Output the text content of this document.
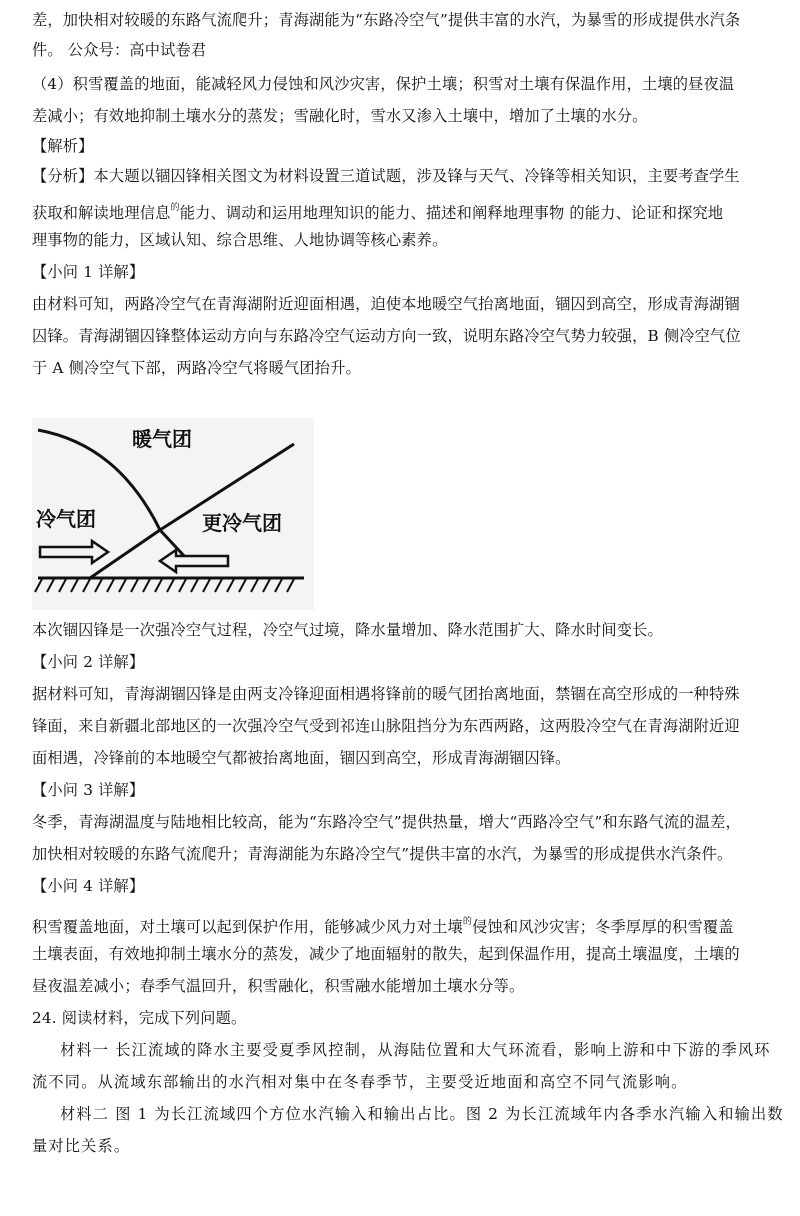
差，加快相对较暖的东路气流爬升；青海湖能为“东路冷空气”提供丰富的水汽，为暴雪的形成提供水汽条
件。 公众号：高中试卷君
（4）积雪覆盖的地面，能减轻风力侵蚀和风沙灾害，保护土壤；积雪对土壤有保温作用，土壤的昼夜温
差减小；有效地抑制土壤水分的蒸发；雪融化时，雪水又渗入土壤中，增加了土壤的水分。
【解析】
【分析】本大题以锢囚锋相关图文为材料设置三道试题，涉及锋与天气、冷锋等相关知识，主要考查学生
获取和解读地理信息$^的$能力、调动和运用地理知识的能力、描述和阐释地理事物 的能力、论证和探究地
理事物的能力，区域认知、综合思维、人地协调等核心素养。
【小问 1 详解】
由材料可知，两路冷空气在青海湖附近迎面相遇，迫使本地暖空气抬离地面，锢囚到高空，形成青海湖锢
囚锋。青海湖锢囚锋整体运动方向与东路冷空气运动方向一致，说明东路冷空气势力较强，B 侧冷空气位
于 A 侧冷空气下部，两路冷空气将暖气团抬升。
暖气团
冷气团	更冷气团
本次锢囚锋是一次强冷空气过程，冷空气过境，降水量增加、降水范围扩大、降水时间变长。
【小问 2 详解】
据材料可知，青海湖锢囚锋是由两支冷锋迎面相遇将锋前的暖气团抬离地面，禁锢在高空形成的一种特殊
锋面，来自新疆北部地区的一次强冷空气受到祁连山脉阻挡分为东西两路，这两股冷空气在青海湖附近迎
面相遇，冷锋前的本地暖空气都被抬离地面，锢囚到高空，形成青海湖锢囚锋。
【小问 3 详解】
冬季，青海湖温度与陆地相比较高，能为“东路冷空气”提供热量，增大“西路冷空气”和东路气流的温差，
加快相对较暖的东路气流爬升；青海湖能为东路冷空气”提供丰富的水汽，为暴雪的形成提供水汽条件。
【小问 4 详解】
积雪覆盖地面，对土壤可以起到保护作用，能够减少风力对土壤$^的$侵蚀和风沙灾害；冬季厚厚的积雪覆盖
土壤表面，有效地抑制土壤水分的蒸发，减少了地面辐射的散失，起到保温作用，提高土壤温度，土壤的
昼夜温差减小；春季气温回升，积雪融化，积雪融水能增加土壤水分等。
24. 阅读材料，完成下列问题。
材料一 长江流域的降水主要受夏季风控制，从海陆位置和大气环流看，影响上游和中下游的季风环
流不同。从流域东部输出的水汽相对集中在冬春季节，主要受近地面和高空不同气流影响。
材料二 图 1 为长江流域四个方位水汽输入和输出占比。图 2 为长江流域年内各季水汽输入和输出数
量对比关系。
